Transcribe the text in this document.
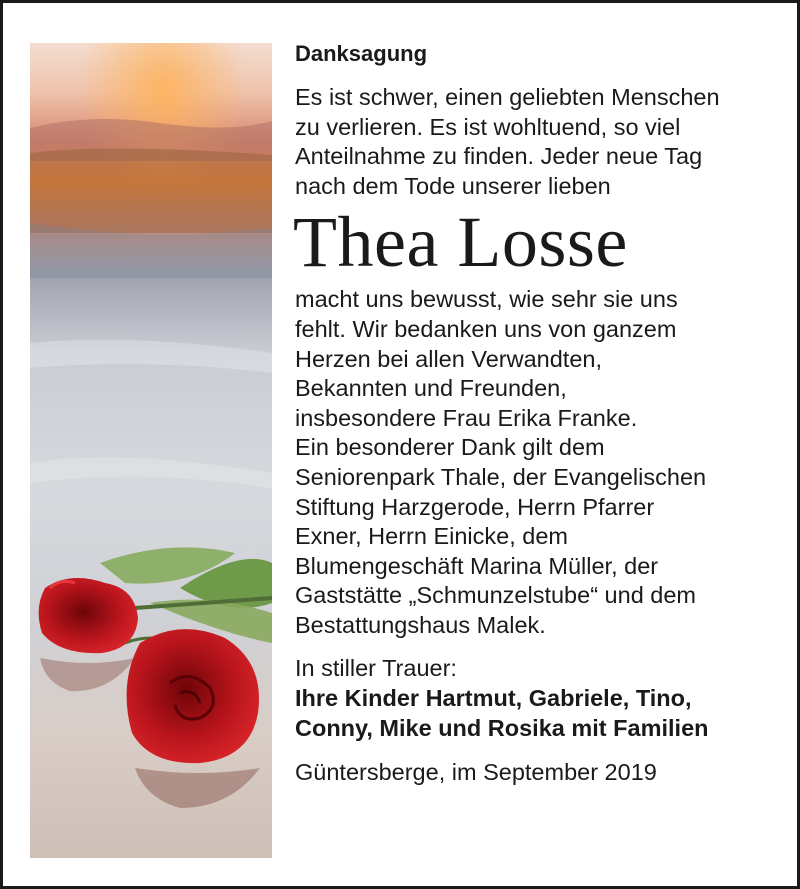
Danksagung
Es ist schwer, einen geliebten Menschen
zu verlieren. Es ist wohltuend, so viel
Anteilnahme zu finden. Jeder neue Tag
nach dem Tode unserer lieben
Thea Losse
macht uns bewusst, wie sehr sie uns
fehlt. Wir bedanken uns von ganzem
Herzen bei allen Verwandten,
Bekannten und Freunden,
insbesondere Frau Erika Franke.
Ein besonderer Dank gilt dem
Seniorenpark Thale, der Evangelischen
Stiftung Harzgerode, Herrn Pfarrer
Exner, Herrn Einicke, dem
Blumengeschäft Marina Müller, der
Gaststätte „Schmunzelstube“ und dem
Bestattungshaus Malek.
In stiller Trauer:
Ihre Kinder Hartmut, Gabriele, Tino,
Conny, Mike und Rosika mit Familien
Güntersberge, im September 2019
